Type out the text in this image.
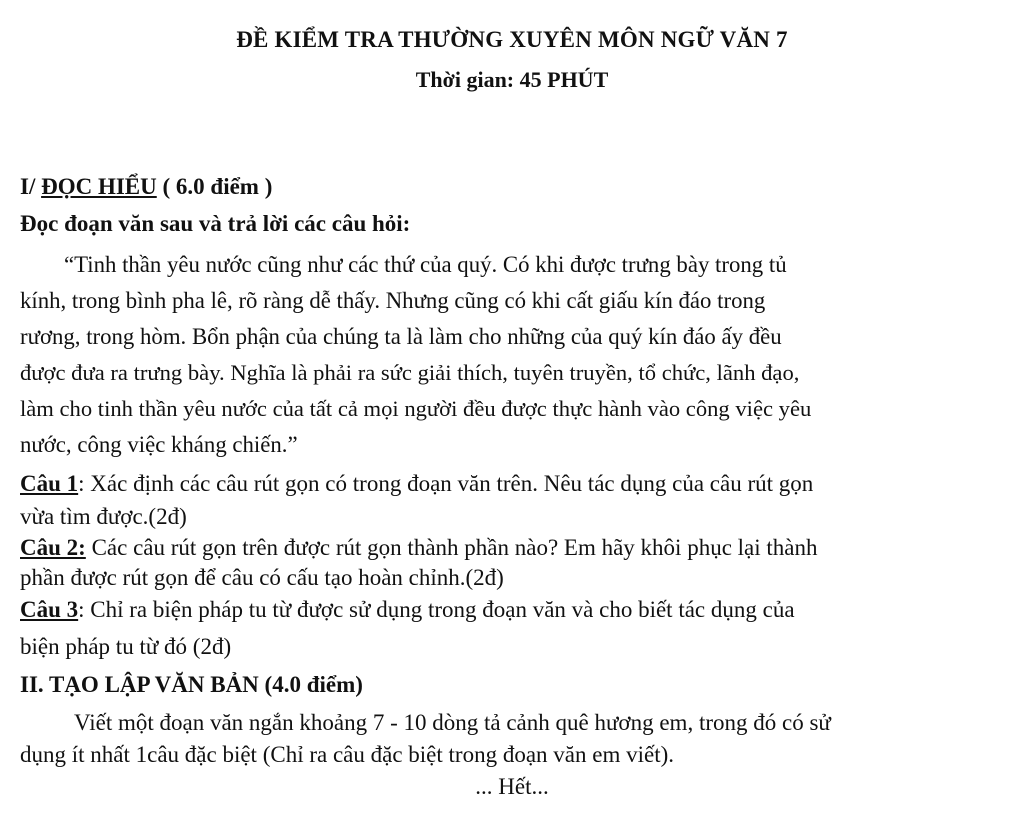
ĐỀ KIỂM TRA THƯỜNG XUYÊN MÔN NGỮ VĂN 7
Thời gian: 45 PHÚT
I/ ĐỌC HIỂU ( 6.0 điểm )
Đọc đoạn văn sau và trả lời các câu hỏi:
“Tinh thần yêu nước cũng như các thứ của quý. Có khi được trưng bày trong tủ
kính, trong bình pha lê, rõ ràng dễ thấy. Nhưng cũng có khi cất giấu kín đáo trong
rương, trong hòm. Bổn phận của chúng ta là làm cho những của quý kín đáo ấy đều
được đưa ra trưng bày. Nghĩa là phải ra sức giải thích, tuyên truyền, tổ chức, lãnh đạo,
làm cho tinh thần yêu nước của tất cả mọi người đều được thực hành vào công việc yêu
nước, công việc kháng chiến.”
Câu 1: Xác định các câu rút gọn có trong đoạn văn trên. Nêu tác dụng của câu rút gọn
vừa tìm được.(2đ)
Câu 2: Các câu rút gọn trên được rút gọn thành phần nào? Em hãy khôi phục lại thành
phần được rút gọn để câu có cấu tạo hoàn chỉnh.(2đ)
Câu 3: Chỉ ra biện pháp tu từ được sử dụng trong đoạn văn và cho biết tác dụng của
biện pháp tu từ đó (2đ)
II. TẠO LẬP VĂN BẢN (4.0 điểm)
Viết một đoạn văn ngắn khoảng 7 - 10 dòng tả cảnh quê hương em, trong đó có sử
dụng ít nhất 1câu đặc biệt (Chỉ ra câu đặc biệt trong đoạn văn em viết).
... Hết...
